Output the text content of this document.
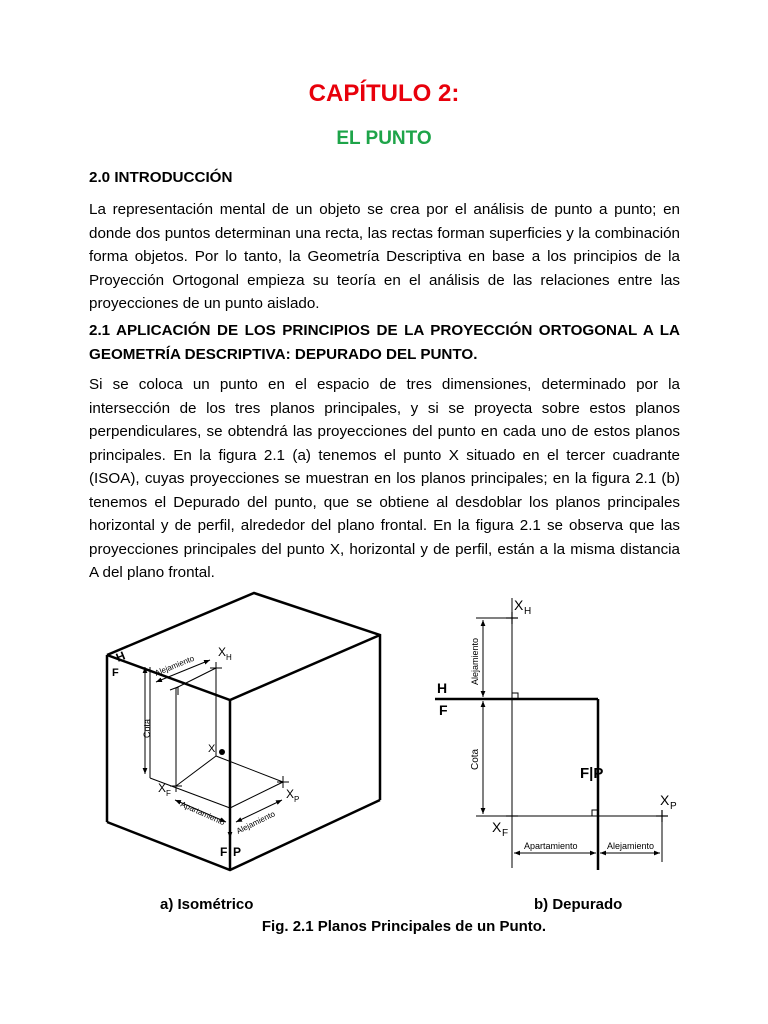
CAPÍTULO 2:
EL PUNTO
2.0 INTRODUCCIÓN
La representación mental de un objeto se crea por el análisis de punto a punto; en donde dos puntos determinan una recta, las rectas forman superficies y la combinación forma objetos. Por lo tanto, la Geometría Descriptiva en base a los principios de la Proyección Ortogonal empieza su teoría en el análisis de las relaciones entre las proyecciones de un punto aislado.
2.1 APLICACIÓN DE LOS PRINCIPIOS DE LA PROYECCIÓN ORTOGONAL A LA GEOMETRÍA DESCRIPTIVA: DEPURADO DEL PUNTO.
Si se coloca un punto en el espacio de tres dimensiones, determinado por la intersección de los tres planos principales, y si se proyecta sobre estos planos perpendiculares, se obtendrá las proyecciones del punto en cada uno de estos planos principales. En la figura 2.1 (a) tenemos el punto X situado en el tercer cuadrante (ISOA), cuyas proyecciones se muestran en los planos principales; en la figura 2.1 (b) tenemos el Depurado del punto, que se obtiene al desdoblar los planos principales horizontal y de perfil, alrededor del plano frontal. En la figura 2.1 se observa que las proyecciones principales del punto X, horizontal y de perfil, están a la misma distancia A del plano frontal.
H
F	Alejamiento
Cota
X
X H
X F	X P
Apartamiento Alejamiento
F P
X H
Alejamiento
H
F
Cota
F|P
X P
X F
Apartamiento	Alejamiento
a) Isométrico	b) Depurado
Fig. 2.1 Planos Principales de un Punto.
